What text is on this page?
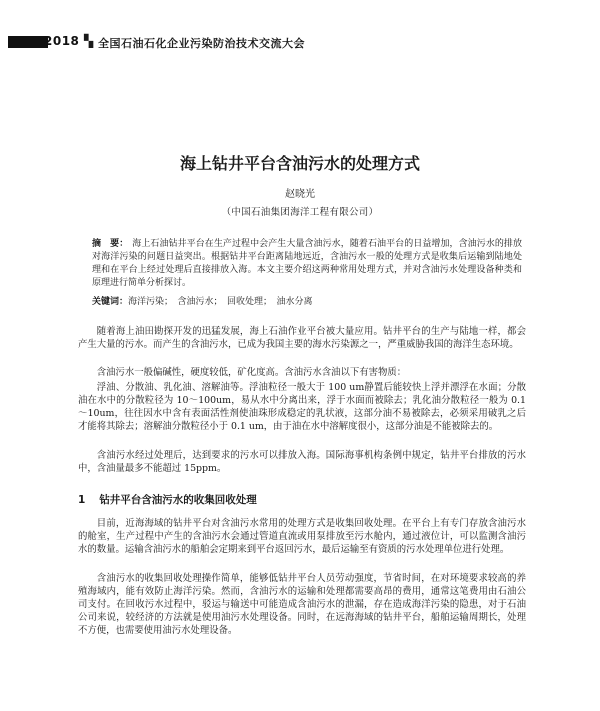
2018 ▚ 全国石油石化企业污染防治技术交流大会
海上钻井平台含油污水的处理方式
赵晓光
（中国石油集团海洋工程有限公司）
摘　要： 海上石油钻井平台在生产过程中会产生大量含油污水，随着石油平台的日益增加，含油污水的排放对海洋污染的问题日益突出。根据钻井平台距离陆地远近，含油污水一般的处理方式是收集后运输到陆地处理和在平台上经过处理后直接排放入海。本文主要介绍这两种常用处理方式，并对含油污水处理设备种类和原理进行简单分析探讨。
关键词：海洋污染；　含油污水；　回收处理；　油水分离

随着海上油田勘探开发的迅猛发展，海上石油作业平台被大量应用。钻井平台的生产与陆地一样，都会产生大量的污水。而产生的含油污水，已成为我国主要的海水污染源之一，严重威胁我国的海洋生态环境。

含油污水一般偏碱性，硬度较低，矿化度高。含油污水含油以下有害物质：

浮油、分散油、乳化油、溶解油等。浮油粒径一般大于 100 um静置后能较快上浮并漂浮在水面；分散油在水中的分散粒径为 10～100um，易从水中分离出来，浮于水面而被除去；乳化油分散粒径一般为 0.1～10um，往往因水中含有表面活性剂使油珠形成稳定的乳状液，这部分油不易被除去，必须采用破乳之后才能将其除去；溶解油分散粒径小于 0.1 um，由于油在水中溶解度很小，这部分油是不能被除去的。

含油污水经过处理后，达到要求的污水可以排放入海。国际海事机构条例中规定，钻井平台排放的污水中，含油量最多不能超过 15ppm。

1 钻井平台含油污水的收集回收处理

目前，近海海域的钻井平台对含油污水常用的处理方式是收集回收处理。在平台上有专门存放含油污水的舱室，生产过程中产生的含油污水会通过管道直流或用泵排放至污水舱内，通过液位计，可以监测含油污水的数量。运输含油污水的船舶会定期来到平台返回污水，最后运输至有资质的污水处理单位进行处理。

含油污水的收集回收处理操作简单，能够低钻井平台人员劳动强度，节省时间，在对环境要求较高的养殖海域内，能有效防止海洋污染。然而，含油污水的运输和处理都需要高昂的费用，通常这笔费用由石油公司支付。在回收污水过程中，驳运与输送中可能造成含油污水的泄漏，存在造成海洋污染的隐患，对于石油公司来说，较经济的方法就是使用油污水处理设备。同时，在远海海域的钻井平台，船舶运输周期长，处理不方便，也需要使用油污水处理设备。
